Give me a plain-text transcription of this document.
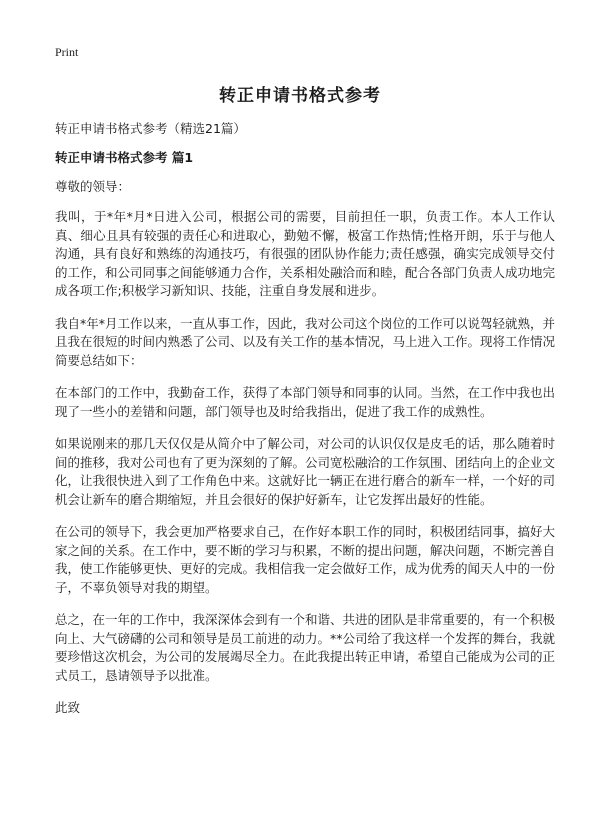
Print
转正申请书格式参考

转正申请书格式参考（精选21篇）

转正申请书格式参考 篇1

尊敬的领导：

我叫，于*年*月*日进入公司，根据公司的需要，目前担任一职，负责工作。本人工作认真、细心且具有较强的责任心和进取心，勤勉不懈，极富工作热情;性格开朗，乐于与他人沟通，具有良好和熟练的沟通技巧，有很强的团队协作能力;责任感强，确实完成领导交付的工作，和公司同事之间能够通力合作，关系相处融洽而和睦，配合各部门负责人成功地完成各项工作;积极学习新知识、技能，注重自身发展和进步。

我自*年*月工作以来，一直从事工作，因此，我对公司这个岗位的工作可以说驾轻就熟，并且我在很短的时间内熟悉了公司、以及有关工作的基本情况，马上进入工作。现将工作情况简要总结如下：

在本部门的工作中，我勤奋工作，获得了本部门领导和同事的认同。当然，在工作中我也出现了一些小的差错和问题，部门领导也及时给我指出，促进了我工作的成熟性。

如果说刚来的那几天仅仅是从简介中了解公司，对公司的认识仅仅是皮毛的话，那么随着时间的推移，我对公司也有了更为深刻的了解。公司宽松融洽的工作氛围、团结向上的企业文化，让我很快进入到了工作角色中来。这就好比一辆正在进行磨合的新车一样，一个好的司机会让新车的磨合期缩短，并且会很好的保护好新车，让它发挥出最好的性能。

在公司的领导下，我会更加严格要求自己，在作好本职工作的同时，积极团结同事，搞好大家之间的关系。在工作中，要不断的学习与积累，不断的提出问题，解决问题，不断完善自我，使工作能够更快、更好的完成。我相信我一定会做好工作，成为优秀的闻天人中的一份子，不辜负领导对我的期望。

总之，在一年的工作中，我深深体会到有一个和谐、共进的团队是非常重要的，有一个积极向上、大气磅礴的公司和领导是员工前进的动力。**公司给了我这样一个发挥的舞台，我就要珍惜这次机会，为公司的发展竭尽全力。在此我提出转正申请，希望自己能成为公司的正式员工，恳请领导予以批准。

此致
